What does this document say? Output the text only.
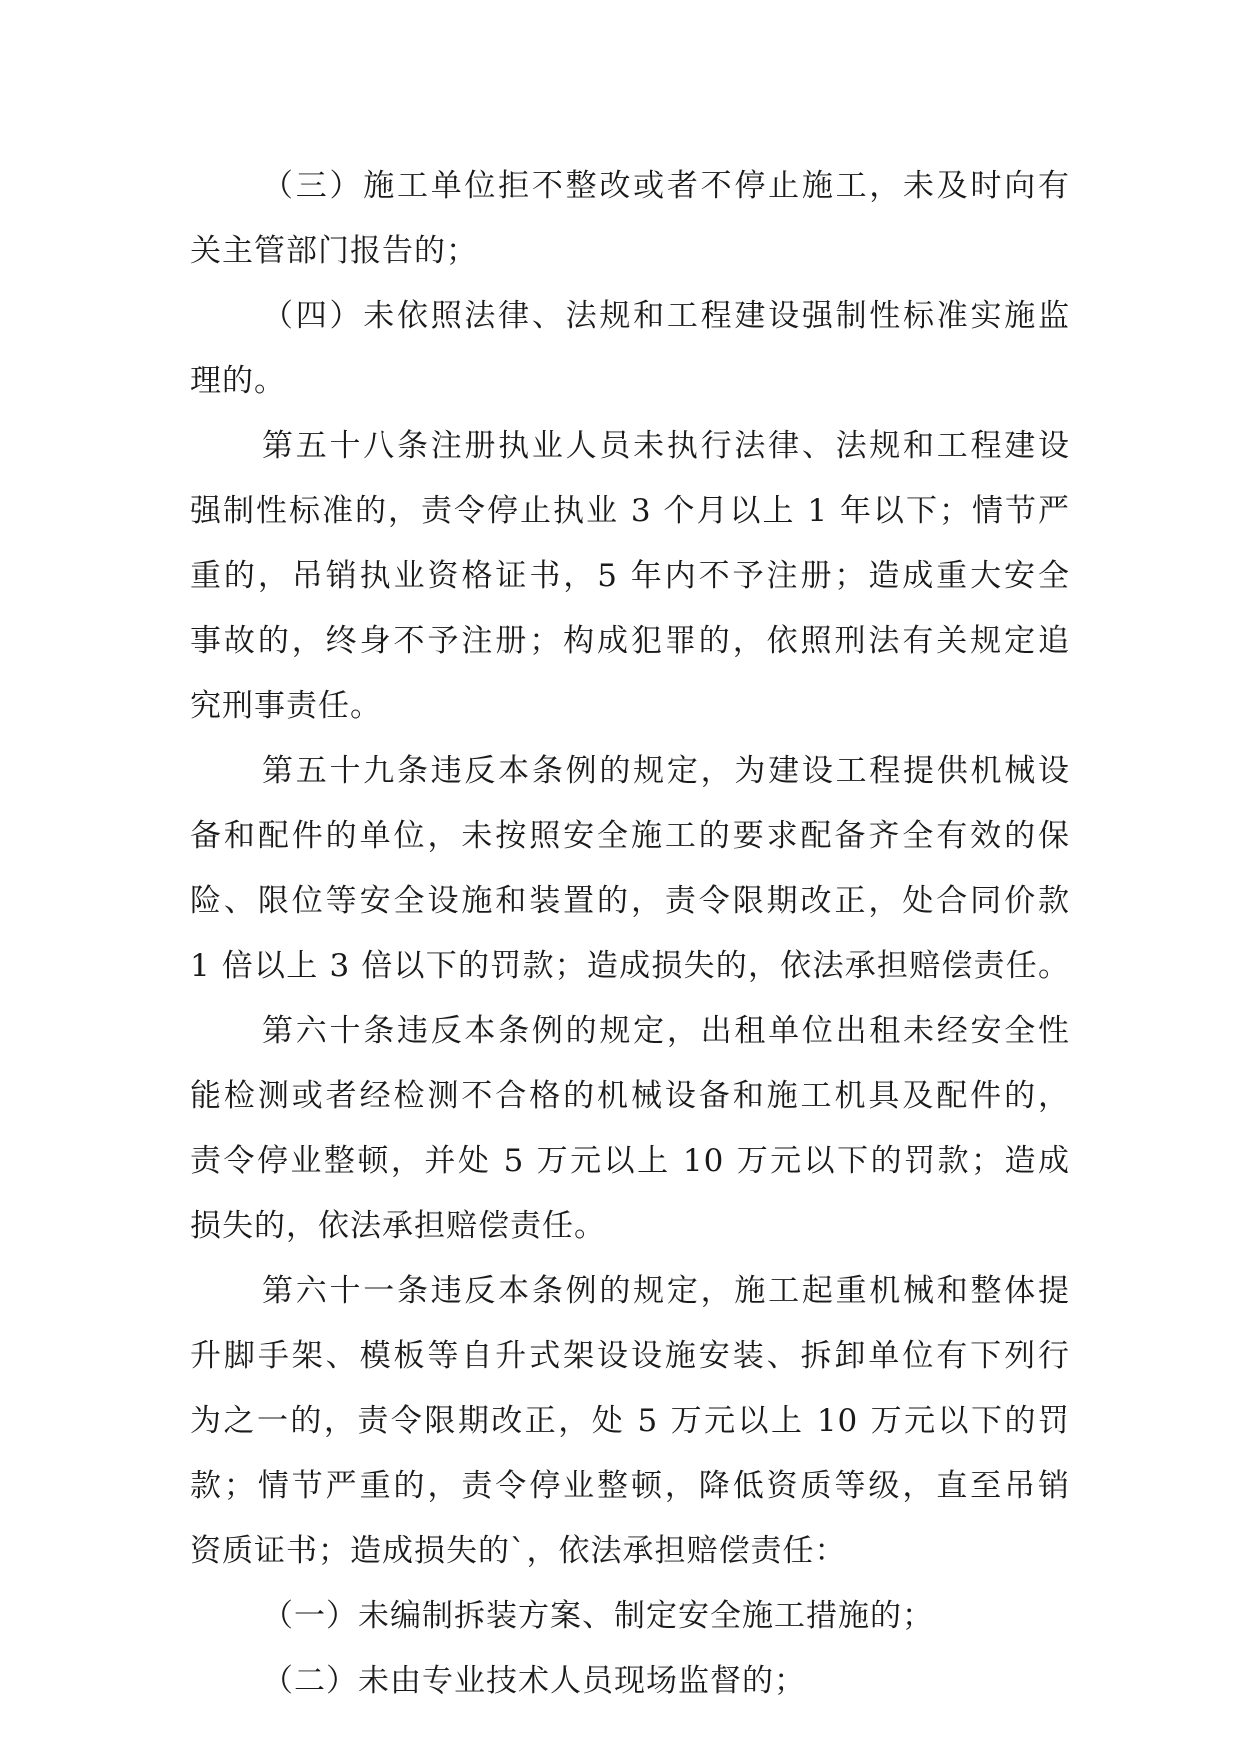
（三）施工单位拒不整改或者不停止施工，未及时向有
关主管部门报告的；
（四）未依照法律、法规和工程建设强制性标准实施监
理的。
第五十八条注册执业人员未执行法律、法规和工程建设
强制性标准的，责令停止执业 3 个月以上 1 年以下；情节严
重的，吊销执业资格证书，5 年内不予注册；造成重大安全
事故的，终身不予注册；构成犯罪的，依照刑法有关规定追
究刑事责任。
第五十九条违反本条例的规定，为建设工程提供机械设
备和配件的单位，未按照安全施工的要求配备齐全有效的保
险、限位等安全设施和装置的，责令限期改正，处合同价款
1 倍以上 3 倍以下的罚款；造成损失的，依法承担赔偿责任。
第六十条违反本条例的规定，出租单位出租未经安全性
能检测或者经检测不合格的机械设备和施工机具及配件的，
责令停业整顿，并处 5 万元以上 10 万元以下的罚款；造成
损失的，依法承担赔偿责任。
第六十一条违反本条例的规定，施工起重机械和整体提
升脚手架、模板等自升式架设设施安装、拆卸单位有下列行
为之一的，责令限期改正，处 5 万元以上 10 万元以下的罚
款；情节严重的，责令停业整顿，降低资质等级，直至吊销
资质证书；造成损失的`，依法承担赔偿责任：
（一）未编制拆装方案、制定安全施工措施的；
（二）未由专业技术人员现场监督的；
